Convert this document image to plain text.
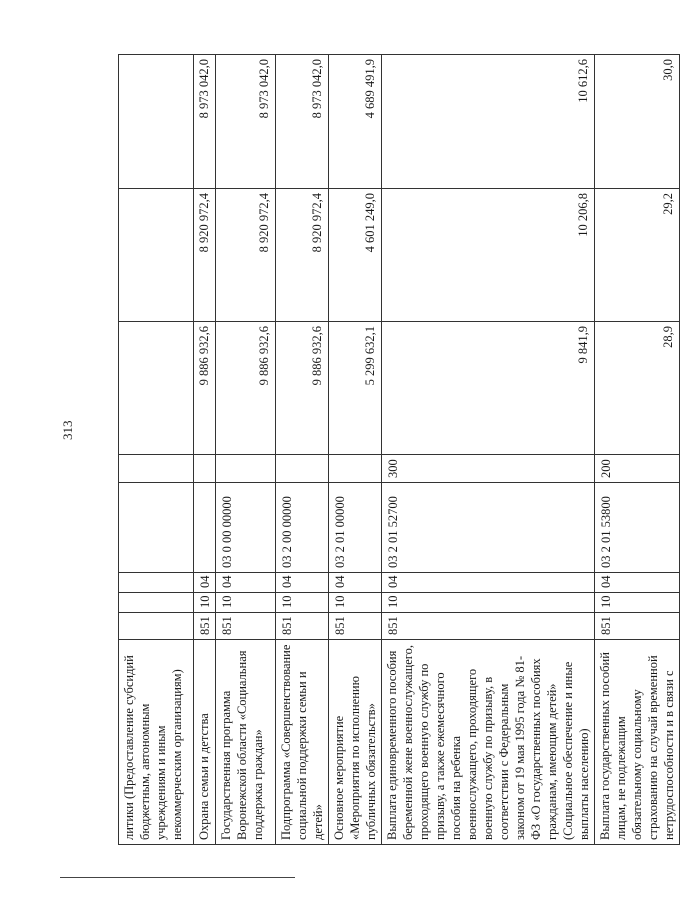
313
литики (Предоставление субсидий бюджетным, автономным учреждениям и иным некоммерческим организациям)								
Охрана семьи и детства	851	10	04			9 886 932,6	8 920 972,4	8 973 042,0
Государственная программа Воронежской области «Социальная поддержка граждан»	851	10	04	03 0 00 00000		9 886 932,6	8 920 972,4	8 973 042,0
Подпрограмма «Совершенствование социальной поддержки семьи и детей»	851	10	04	03 2 00 00000		9 886 932,6	8 920 972,4	8 973 042,0
Основное мероприятие «Мероприятия по исполнению публичных обязательств»	851	10	04	03 2 01 00000		5 299 632,1	4 601 249,0	4 689 491,9
Выплата единовременного пособия беременной жене военнослужащего, проходящего военную службу по призыву, а также ежемесячного пособия на ребенка военнослужащего, проходящего военную службу по призыву, в соответствии с Федеральным законом от 19 мая 1995 года № 81-ФЗ «О государственных пособиях гражданам, имеющим детей» (Социальное обеспечение и иные выплаты населению)	851	10	04	03 2 01 52700	300	9 841,9	10 206,8	10 612,6
Выплата государственных пособий лицам, не подлежащим обязательному социальному страхованию на случай временной нетрудоспособности и в связи с	851	10	04	03 2 01 53800	200	28,9	29,2	30,0
